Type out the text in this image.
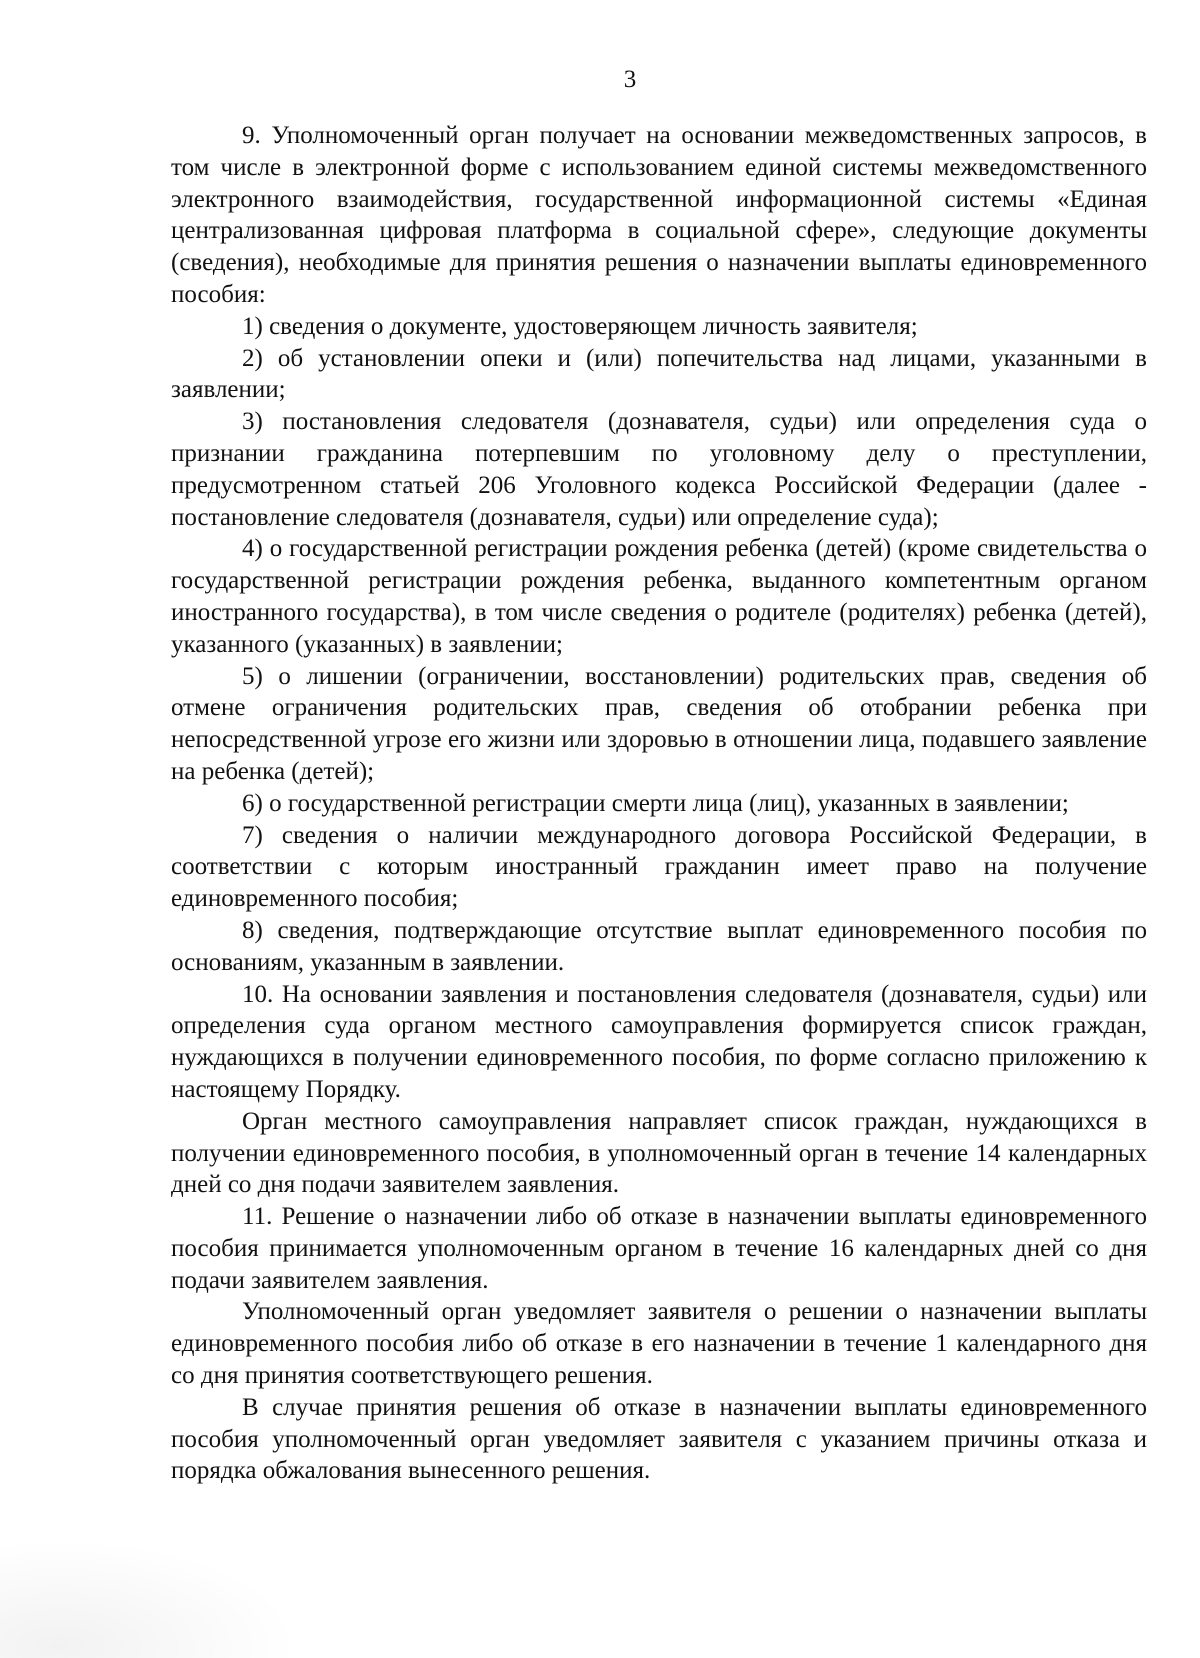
3

9. Уполномоченный орган получает на основании межведомственных запросов, в том числе в электронной форме с использованием единой системы межведомственного электронного взаимодействия, государственной информационной системы «Единая централизованная цифровая платформа в социальной сфере», следующие документы (сведения), необходимые для принятия решения о назначении выплаты единовременного пособия:

1) сведения о документе, удостоверяющем личность заявителя;

2) об установлении опеки и (или) попечительства над лицами, указанными в заявлении;

3) постановления следователя (дознавателя, судьи) или определения суда о признании гражданина потерпевшим по уголовному делу о преступлении, предусмотренном статьей 206 Уголовного кодекса Российской Федерации (далее - постановление следователя (дознавателя, судьи) или определение суда);

4) о государственной регистрации рождения ребенка (детей) (кроме свидетельства о государственной регистрации рождения ребенка, выданного компетентным органом иностранного государства), в том числе сведения о родителе (родителях) ребенка (детей), указанного (указанных) в заявлении;

5) о лишении (ограничении, восстановлении) родительских прав, сведения об отмене ограничения родительских прав, сведения об отобрании ребенка при непосредственной угрозе его жизни или здоровью в отношении лица, подавшего заявление на ребенка (детей);

6) о государственной регистрации смерти лица (лиц), указанных в заявлении;

7) сведения о наличии международного договора Российской Федерации, в соответствии с которым иностранный гражданин имеет право на получение единовременного пособия;

8) сведения, подтверждающие отсутствие выплат единовременного пособия по основаниям, указанным в заявлении.

10. На основании заявления и постановления следователя (дознавателя, судьи) или определения суда органом местного самоуправления формируется список граждан, нуждающихся в получении единовременного пособия, по форме согласно приложению к настоящему Порядку.

Орган местного самоуправления направляет список граждан, нуждающихся в получении единовременного пособия, в уполномоченный орган в течение 14 календарных дней со дня подачи заявителем заявления.

11. Решение о назначении либо об отказе в назначении выплаты единовременного пособия принимается уполномоченным органом в течение 16 календарных дней со дня подачи заявителем заявления.

Уполномоченный орган уведомляет заявителя о решении о назначении выплаты единовременного пособия либо об отказе в его назначении в течение 1 календарного дня со дня принятия соответствующего решения.

В случае принятия решения об отказе в назначении выплаты единовременного пособия уполномоченный орган уведомляет заявителя с указанием причины отказа и порядка обжалования вынесенного решения.
